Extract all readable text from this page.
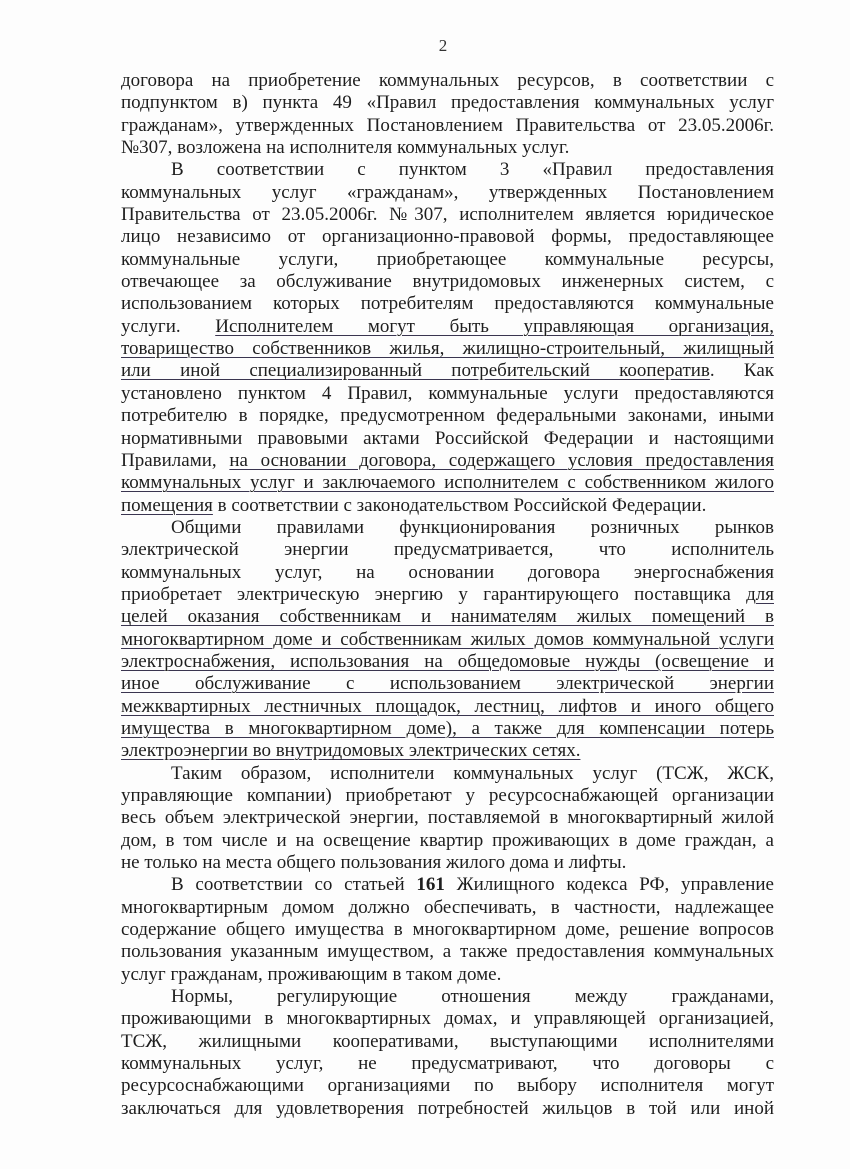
2
договора на приобретение коммунальных ресурсов, в соответствии с
подпунктом в) пункта 49 «Правил предоставления коммунальных услуг
гражданам», утвержденных Постановлением Правительства от 23.05.2006г.
№307, возложена на исполнителя коммунальных услуг.
В соответствии с пунктом 3 «Правил предоставления
коммунальных услуг «гражданам», утвержденных Постановлением
Правительства от 23.05.2006г. №307, исполнителем является юридическое
лицо независимо от организационно-правовой формы, предоставляющее
коммунальные услуги, приобретающее коммунальные ресурсы,
отвечающее за обслуживание внутридомовых инженерных систем, с
использованием которых потребителям предоставляются коммунальные
услуги. Исполнителем могут быть управляющая организация,
товарищество собственников жилья, жилищно-строительный, жилищный
или иной специализированный потребительский кооператив. Как
установлено пунктом 4 Правил, коммунальные услуги предоставляются
потребителю в порядке, предусмотренном федеральными законами, иными
нормативными правовыми актами Российской Федерации и настоящими
Правилами, на основании договора, содержащего условия предоставления
коммунальных услуг и заключаемого исполнителем с собственником жилого
помещения в соответствии с законодательством Российской Федерации.
Общими правилами функционирования розничных рынков
электрической энергии предусматривается, что исполнитель
коммунальных услуг, на основании договора энергоснабжения
приобретает электрическую энергию у гарантирующего поставщика для
целей оказания собственникам и нанимателям жилых помещений в
многоквартирном доме и собственникам жилых домов коммунальной услуги
электроснабжения, использования на общедомовые нужды (освещение и
иное обслуживание с использованием электрической энергии
межквартирных лестничных площадок, лестниц, лифтов и иного общего
имущества в многоквартирном доме), а также для компенсации потерь
электроэнергии во внутридомовых электрических сетях.
Таким образом, исполнители коммунальных услуг (ТСЖ, ЖСК,
управляющие компании) приобретают у ресурсоснабжающей организации
весь объем электрической энергии, поставляемой в многоквартирный жилой
дом, в том числе и на освещение квартир проживающих в доме граждан, а
не только на места общего пользования жилого дома и лифты.
В соответствии со статьей 161 Жилищного кодекса РФ, управление
многоквартирным домом должно обеспечивать, в частности, надлежащее
содержание общего имущества в многоквартирном доме, решение вопросов
пользования указанным имуществом, а также предоставления коммунальных
услуг гражданам, проживающим в таком доме.
Нормы, регулирующие отношения между гражданами,
проживающими в многоквартирных домах, и управляющей организацией,
ТСЖ, жилищными кооперативами, выступающими исполнителями
коммунальных услуг, не предусматривают, что договоры с
ресурсоснабжающими организациями по выбору исполнителя могут
заключаться для удовлетворения потребностей жильцов в той или иной
